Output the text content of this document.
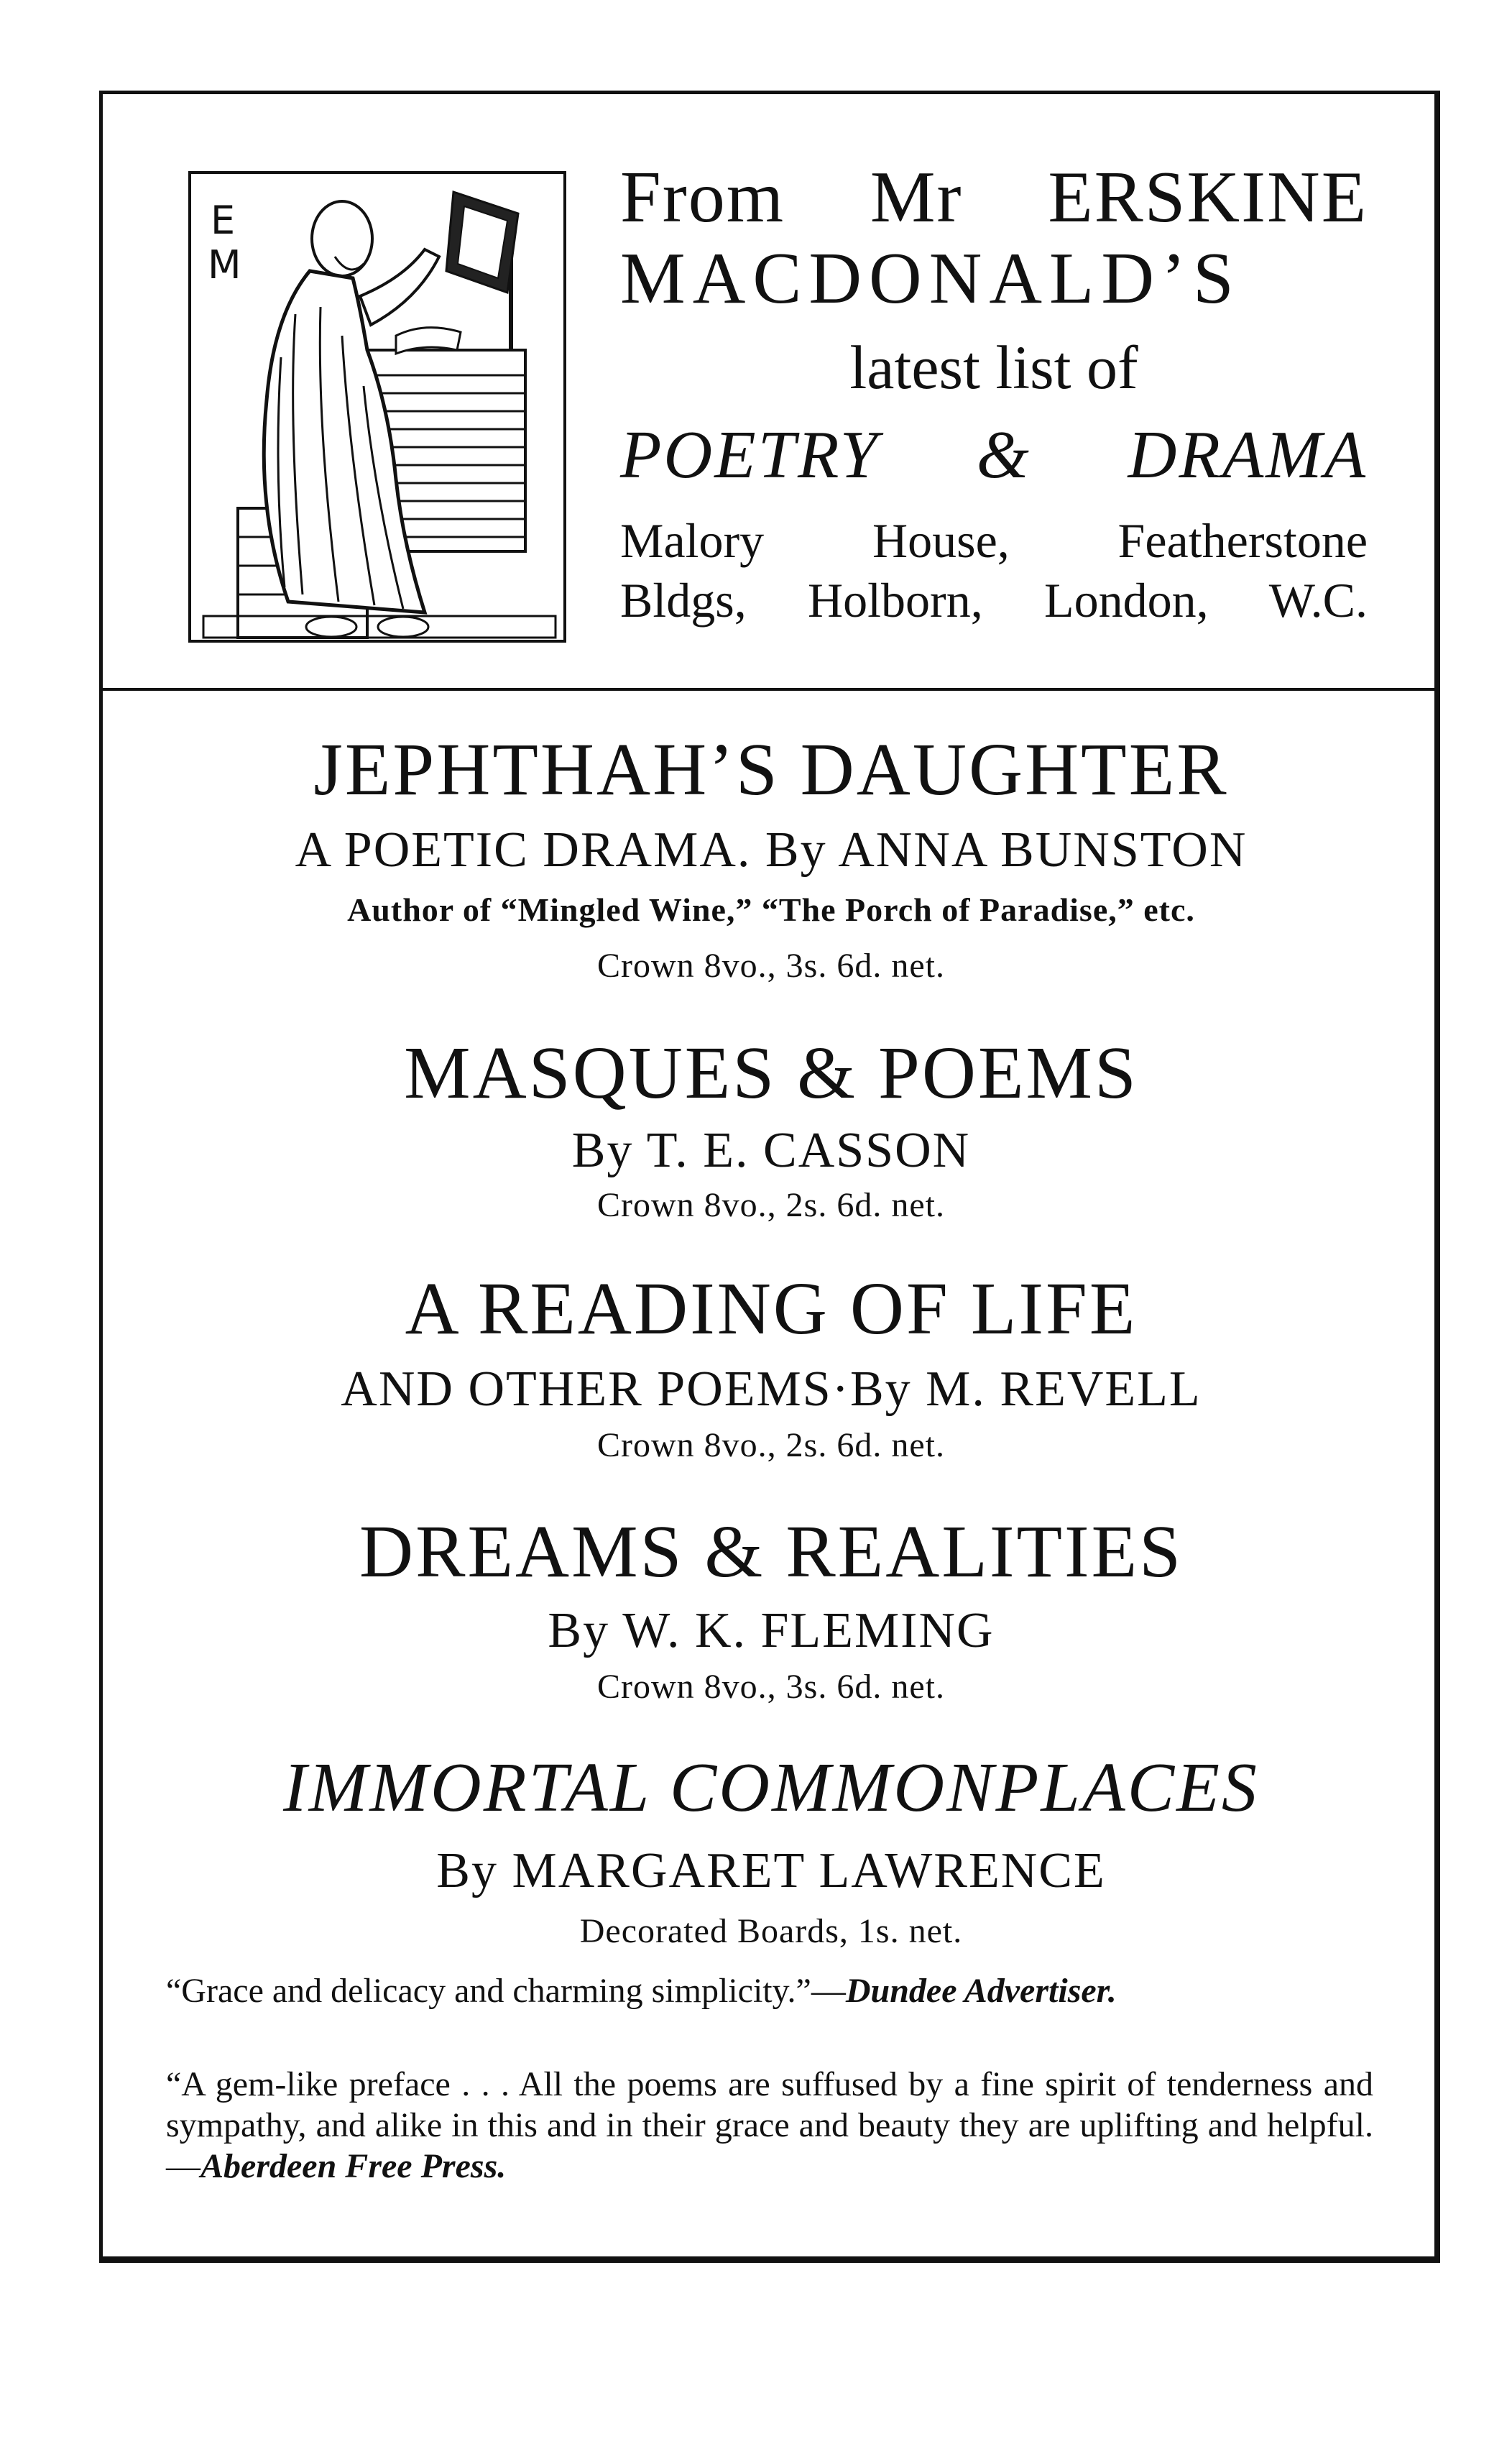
E
M
From Mr ERSKINE
MACDONALD’S
latest list of
POETRY & DRAMA
Malory House, Featherstone
Bldgs, Holborn, London, W.C.
JEPHTHAH’S DAUGHTER
A POETIC DRAMA. By ANNA BUNSTON
Author of “Mingled Wine,” “The Porch of Paradise,” etc.
Crown 8vo., 3s. 6d. net.
MASQUES & POEMS
By T. E. CASSON
Crown 8vo., 2s. 6d. net.
A READING OF LIFE
AND OTHER POEMS·By M. REVELL
Crown 8vo., 2s. 6d. net.
DREAMS & REALITIES
By W. K. FLEMING
Crown 8vo., 3s. 6d. net.
IMMORTAL COMMONPLACES
By MARGARET LAWRENCE
Decorated Boards, 1s. net.
“Grace and delicacy and charming simplicity.”—Dundee Advertiser.
“A gem-like preface . . . All the poems are suffused by a fine spirit of tenderness and sympathy, and alike in this and in their grace and beauty they are uplifting and helpful.—Aberdeen Free Press.
